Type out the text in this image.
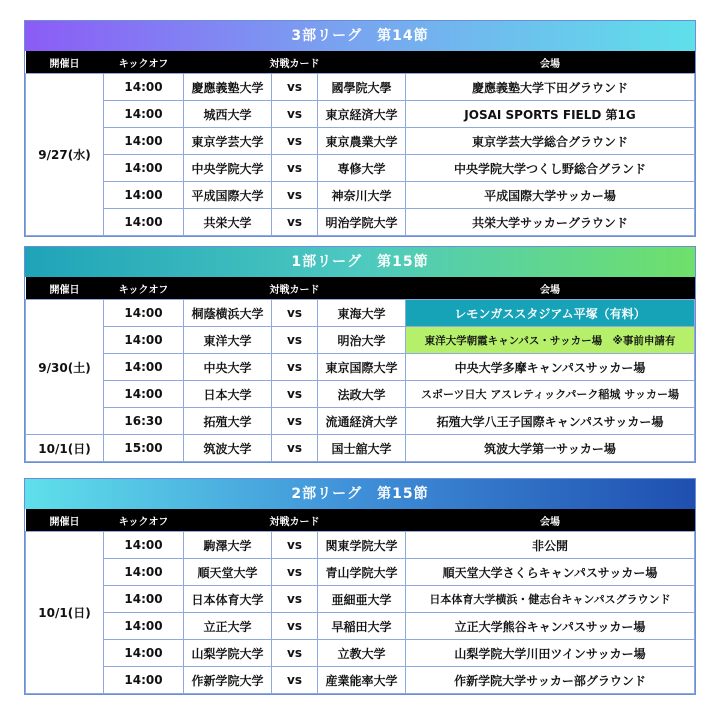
3部リーグ　第14節
開催日	キックオフ	対戦カード			会場
9/27(水)	14:00	慶應義塾大学	vs	國學院大學	慶應義塾大学下田グラウンド
	14:00	城西大学	vs	東京経済大学	JOSAI SPORTS FIELD 第1G
	14:00	東京学芸大学	vs	東京農業大学	東京学芸大学総合グラウンド
	14:00	中央学院大学	vs	専修大学	中央学院大学つくし野総合グランド
	14:00	平成国際大学	vs	神奈川大学	平成国際大学サッカー場
	14:00	共栄大学	vs	明治学院大学	共栄大学サッカーグラウンド
1部リーグ　第15節
開催日	キックオフ	対戦カード			会場
9/30(土)	14:00	桐蔭横浜大学	vs	東海大学	レモンガススタジアム平塚（有料）
	14:00	東洋大学	vs	明治大学	東洋大学朝霞キャンパス・サッカー場　※事前申請有
	14:00	中央大学	vs	東京国際大学	中央大学多摩キャンパスサッカー場
	14:00	日本大学	vs	法政大学	スポーツ日大 アスレティックパーク稲城 サッカー場
	16:30	拓殖大学	vs	流通経済大学	拓殖大学八王子国際キャンパスサッカー場
10/1(日)	15:00	筑波大学	vs	国士舘大学	筑波大学第一サッカー場
2部リーグ　第15節
開催日	キックオフ	対戦カード			会場
10/1(日)	14:00	駒澤大学	vs	関東学院大学	非公開
	14:00	順天堂大学	vs	青山学院大学	順天堂大学さくらキャンパスサッカー場
	14:00	日本体育大学	vs	亜細亜大学	日本体育大学横浜・健志台キャンパスグラウンド
	14:00	立正大学	vs	早稲田大学	立正大学熊谷キャンパスサッカー場
	14:00	山梨学院大学	vs	立教大学	山梨学院大学川田ツインサッカー場
	14:00	作新学院大学	vs	産業能率大学	作新学院大学サッカー部グラウンド
